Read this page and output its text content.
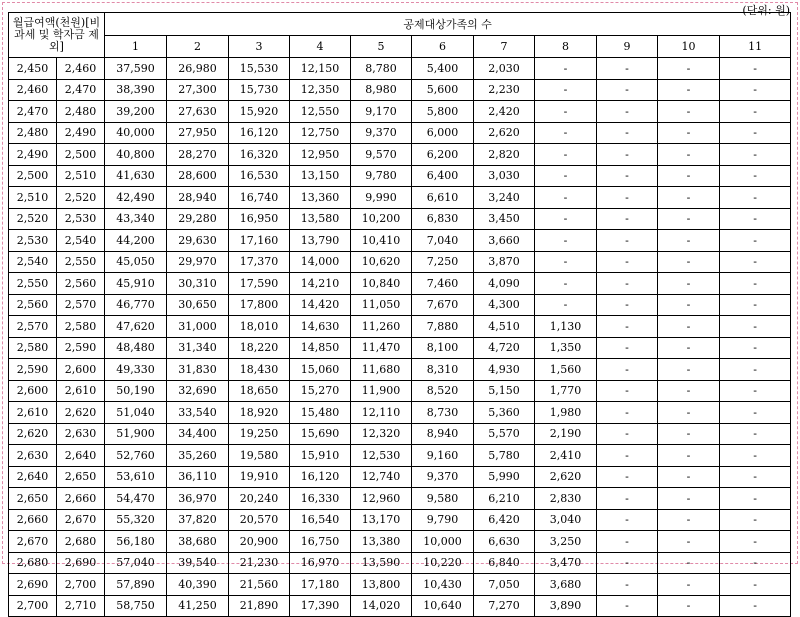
(단위: 원)
월급여액(천원)[비과세 및 학자금 제외]		공제대상가족의 수										
		1	2	3	4	5	6	7	8	9	10	11
2,450	2,460	37,590	26,980	15,530	12,150	8,780	5,400	2,030	-	-	-	-
2,460	2,470	38,390	27,300	15,730	12,350	8,980	5,600	2,230	-	-	-	-
2,470	2,480	39,200	27,630	15,920	12,550	9,170	5,800	2,420	-	-	-	-
2,480	2,490	40,000	27,950	16,120	12,750	9,370	6,000	2,620	-	-	-	-
2,490	2,500	40,800	28,270	16,320	12,950	9,570	6,200	2,820	-	-	-	-
2,500	2,510	41,630	28,600	16,530	13,150	9,780	6,400	3,030	-	-	-	-
2,510	2,520	42,490	28,940	16,740	13,360	9,990	6,610	3,240	-	-	-	-
2,520	2,530	43,340	29,280	16,950	13,580	10,200	6,830	3,450	-	-	-	-
2,530	2,540	44,200	29,630	17,160	13,790	10,410	7,040	3,660	-	-	-	-
2,540	2,550	45,050	29,970	17,370	14,000	10,620	7,250	3,870	-	-	-	-
2,550	2,560	45,910	30,310	17,590	14,210	10,840	7,460	4,090	-	-	-	-
2,560	2,570	46,770	30,650	17,800	14,420	11,050	7,670	4,300	-	-	-	-
2,570	2,580	47,620	31,000	18,010	14,630	11,260	7,880	4,510	1,130	-	-	-
2,580	2,590	48,480	31,340	18,220	14,850	11,470	8,100	4,720	1,350	-	-	-
2,590	2,600	49,330	31,830	18,430	15,060	11,680	8,310	4,930	1,560	-	-	-
2,600	2,610	50,190	32,690	18,650	15,270	11,900	8,520	5,150	1,770	-	-	-
2,610	2,620	51,040	33,540	18,920	15,480	12,110	8,730	5,360	1,980	-	-	-
2,620	2,630	51,900	34,400	19,250	15,690	12,320	8,940	5,570	2,190	-	-	-
2,630	2,640	52,760	35,260	19,580	15,910	12,530	9,160	5,780	2,410	-	-	-
2,640	2,650	53,610	36,110	19,910	16,120	12,740	9,370	5,990	2,620	-	-	-
2,650	2,660	54,470	36,970	20,240	16,330	12,960	9,580	6,210	2,830	-	-	-
2,660	2,670	55,320	37,820	20,570	16,540	13,170	9,790	6,420	3,040	-	-	-
2,670	2,680	56,180	38,680	20,900	16,750	13,380	10,000	6,630	3,250	-	-	-
2,680	2,690	57,040	39,540	21,230	16,970	13,590	10,220	6,840	3,470	-	-	-
2,690	2,700	57,890	40,390	21,560	17,180	13,800	10,430	7,050	3,680	-	-	-
2,700	2,710	58,750	41,250	21,890	17,390	14,020	10,640	7,270	3,890	-	-	-
